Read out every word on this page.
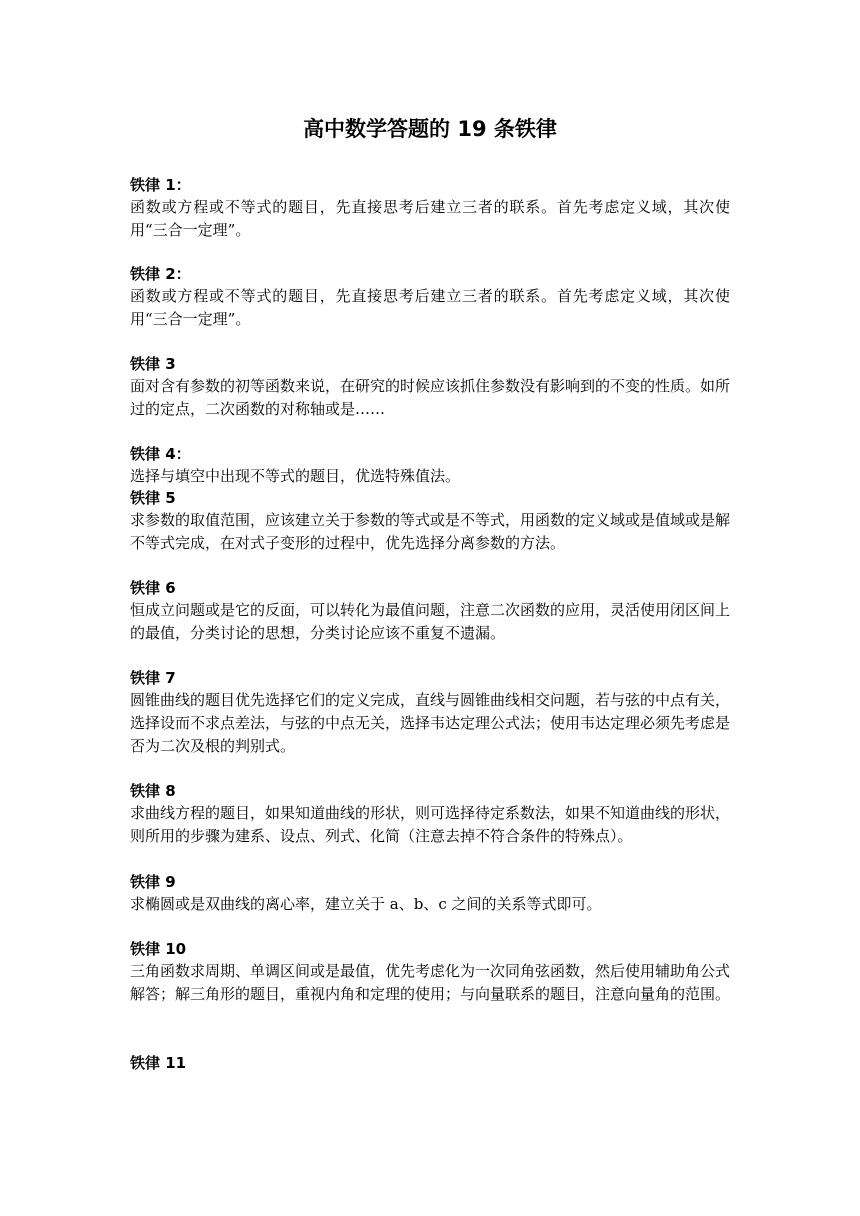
高中数学答题的 19 条铁律
铁律 1：

函数或方程或不等式的题目，先直接思考后建立三者的联系。首先考虑定义域，其次使用“三合一定理”。

铁律 2：

函数或方程或不等式的题目，先直接思考后建立三者的联系。首先考虑定义域，其次使用“三合一定理”。

铁律 3

面对含有参数的初等函数来说，在研究的时候应该抓住参数没有影响到的不变的性质。如所过的定点，二次函数的对称轴或是……

铁律 4：

选择与填空中出现不等式的题目，优选特殊值法。

铁律 5

求参数的取值范围，应该建立关于参数的等式或是不等式，用函数的定义域或是值域或是解不等式完成，在对式子变形的过程中，优先选择分离参数的方法。

铁律 6

恒成立问题或是它的反面，可以转化为最值问题，注意二次函数的应用，灵活使用闭区间上的最值，分类讨论的思想，分类讨论应该不重复不遗漏。

铁律 7

圆锥曲线的题目优先选择它们的定义完成，直线与圆锥曲线相交问题，若与弦的中点有关，选择设而不求点差法，与弦的中点无关，选择韦达定理公式法；使用韦达定理必须先考虑是否为二次及根的判别式。

铁律 8

求曲线方程的题目，如果知道曲线的形状，则可选择待定系数法，如果不知道曲线的形状，则所用的步骤为建系、设点、列式、化简（注意去掉不符合条件的特殊点）。

铁律 9

求椭圆或是双曲线的离心率，建立关于 a、b、c 之间的关系等式即可。

铁律 10

三角函数求周期、单调区间或是最值，优先考虑化为一次同角弦函数，然后使用辅助角公式解答；解三角形的题目，重视内角和定理的使用；与向量联系的题目，注意向量角的范围。

铁律 11
